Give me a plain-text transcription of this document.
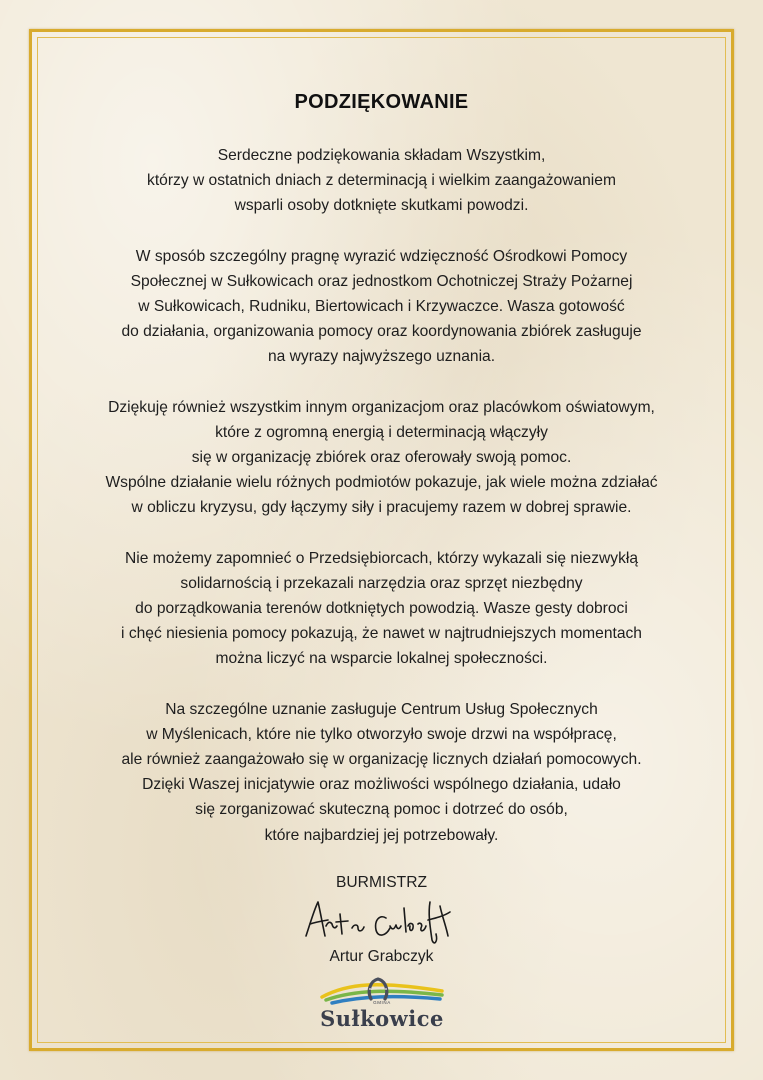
PODZIĘKOWANIE

Serdeczne podziękowania składam Wszystkim,
którzy w ostatnich dniach z determinacją i wielkim zaangażowaniem
wsparli osoby dotknięte skutkami powodzi.

W sposób szczególny pragnę wyrazić wdzięczność Ośrodkowi Pomocy
Społecznej w Sułkowicach oraz jednostkom Ochotniczej Straży Pożarnej
w Sułkowicach, Rudniku, Biertowicach i Krzywaczce. Wasza gotowość
do działania, organizowania pomocy oraz koordynowania zbiórek zasługuje
na wyrazy najwyższego uznania.

Dziękuję również wszystkim innym organizacjom oraz placówkom oświatowym,
które z ogromną energią i determinacją włączyły
się w organizację zbiórek oraz oferowały swoją pomoc.
Wspólne działanie wielu różnych podmiotów pokazuje, jak wiele można zdziałać
w obliczu kryzysu, gdy łączymy siły i pracujemy razem w dobrej sprawie.

Nie możemy zapomnieć o Przedsiębiorcach, którzy wykazali się niezwykłą
solidarnością i przekazali narzędzia oraz sprzęt niezbędny
do porządkowania terenów dotkniętych powodzią. Wasze gesty dobroci
i chęć niesienia pomocy pokazują, że nawet w najtrudniejszych momentach
można liczyć na wsparcie lokalnej społeczności.

Na szczególne uznanie zasługuje Centrum Usług Społecznych
w Myślenicach, które nie tylko otworzyło swoje drzwi na współpracę,
ale również zaangażowało się w organizację licznych działań pomocowych.
Dzięki Waszej inicjatywie oraz możliwości wspólnego działania, udało
się zorganizować skuteczną pomoc i dotrzeć do osób,
które najbardziej jej potrzebowały.

BURMISTRZ
Artur Grabczyk
GMINA
Sułkowice
